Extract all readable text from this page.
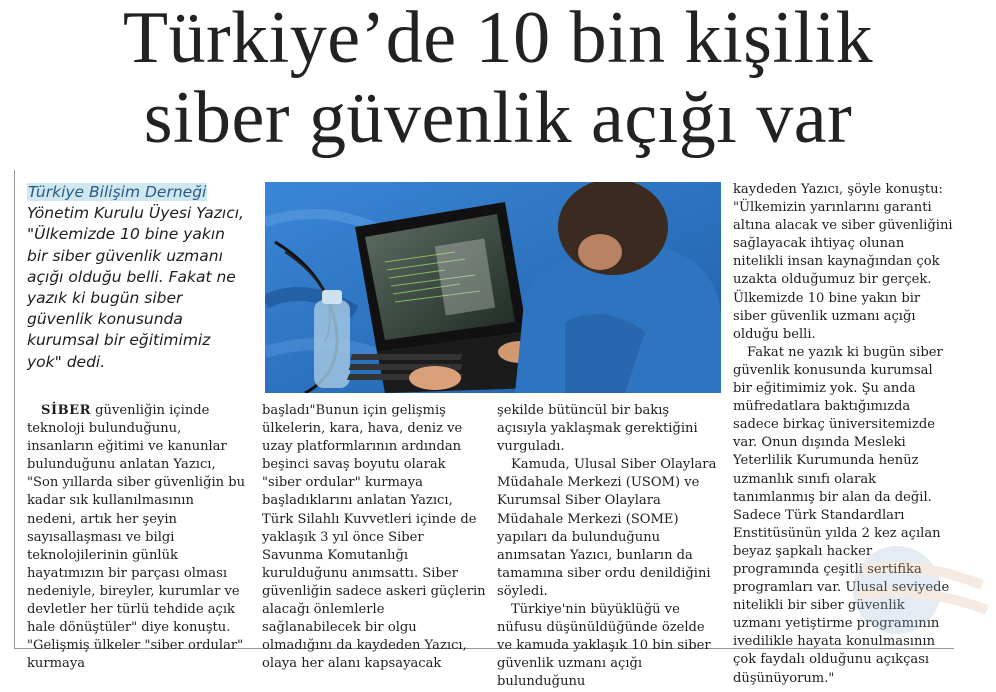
Türkiye’de 10 bin kişilik
siber güvenlik açığı var
Türkiye Bilişim Derneği Yönetim Kurulu Üyesi Yazıcı, "Ülkemizde 10 bine yakın bir siber güvenlik uzmanı açığı olduğu belli. Fakat ne yazık ki bugün siber güvenlik konusunda kurumsal bir eğitimimiz yok" dedi.

SİBER güvenliğin içinde teknoloji bulunduğunu, insanların eğitimi ve kanunlar bulunduğunu anlatan Yazıcı, "Son yıllarda siber güvenliğin bu kadar sık kullanılmasının nedeni, artık her şeyin sayısallaşması ve bilgi teknolojilerinin günlük hayatımızın bir parçası olması nedeniyle, bireyler, kurumlar ve devletler her türlü tehdide açık hale dönüştüler" diye konuştu. "Gelişmiş ülkeler "siber ordular" kurmaya

başladı"Bunun için gelişmiş ülkelerin, kara, hava, deniz ve uzay platformlarının ardından beşinci savaş boyutu olarak "siber ordular" kurmaya başladıklarını anlatan Yazıcı, Türk Silahlı Kuvvetleri içinde de yaklaşık 3 yıl önce Siber Savunma Komutanlığı kurulduğunu anımsattı. Siber güvenliğin sadece askeri güçlerin alacağı önlemlerle sağlanabilecek bir olgu olmadığını da kaydeden Yazıcı, olaya her alanı kapsayacak

şekilde bütüncül bir bakış açısıyla yaklaşmak gerektiğini vurguladı.

Kamuda, Ulusal Siber Olaylara Müdahale Merkezi (USOM) ve Kurumsal Siber Olaylara Müdahale Merkezi (SOME) yapıları da bulunduğunu anımsatan Yazıcı, bunların da tamamına siber ordu denildiğini söyledi.

Türkiye'nin büyüklüğü ve nüfusu düşünüldüğünde özelde ve kamuda yaklaşık 10 bin siber güvenlik uzmanı açığı bulunduğunu

kaydeden Yazıcı, şöyle konuştu: "Ülkemizin yarınlarını garanti altına alacak ve siber güvenliğini sağlayacak ihtiyaç olunan nitelikli insan kaynağından çok uzakta olduğumuz bir gerçek. Ülkemizde 10 bine yakın bir siber güvenlik uzmanı açığı olduğu belli.

Fakat ne yazık ki bugün siber güvenlik konusunda kurumsal bir eğitimimiz yok. Şu anda müfredatlara baktığımızda sadece birkaç üniversitemizde var. Onun dışında Mesleki Yeterlilik Kurumunda henüz uzmanlık sınıfı olarak tanımlanmış bir alan da değil. Sadece Türk Standardları Enstitüsünün yılda 2 kez açılan beyaz şapkalı hacker programında çeşitli sertifika programları var. Ulusal seviyede nitelikli bir siber güvenlik uzmanı yetiştirme programının ivedilikle hayata konulmasının çok faydalı olduğunu açıkçası düşünüyorum."
